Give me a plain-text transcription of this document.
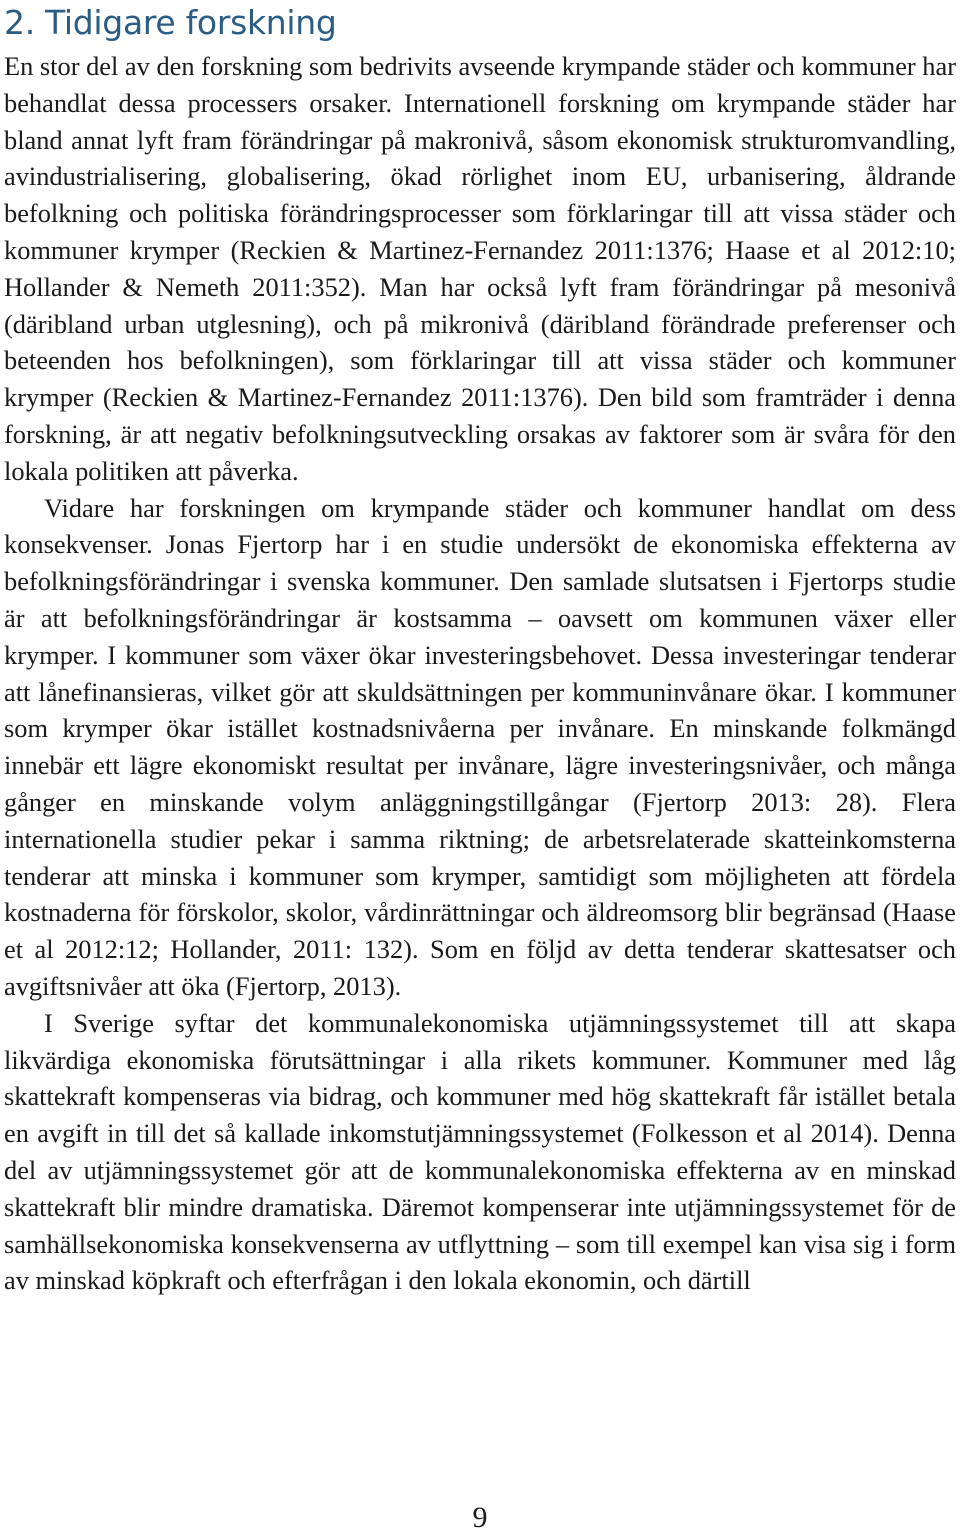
2. Tidigare forskning

En stor del av den forskning som bedrivits avseende krympande städer och kommuner har behandlat dessa processers orsaker. Internationell forskning om krympande städer har bland annat lyft fram förändringar på makronivå, såsom ekonomisk strukturomvandling, avindustrialisering, globalisering, ökad rörlighet inom EU, urbanisering, åldrande befolkning och politiska förändringsprocesser som förklaringar till att vissa städer och kommuner krymper (Reckien & Martinez-Fernandez 2011:1376; Haase et al 2012:10; Hollander & Nemeth 2011:352). Man har också lyft fram förändringar på mesonivå (däribland urban utglesning), och på mikronivå (däribland förändrade preferenser och beteenden hos befolkningen), som förklaringar till att vissa städer och kommuner krymper (Reckien & Martinez-Fernandez 2011:1376). Den bild som framträder i denna forskning, är att negativ befolkningsutveckling orsakas av faktorer som är svåra för den lokala politiken att påverka.

Vidare har forskningen om krympande städer och kommuner handlat om dess konsekvenser. Jonas Fjertorp har i en studie undersökt de ekonomiska effekterna av befolkningsförändringar i svenska kommuner. Den samlade slutsatsen i Fjertorps studie är att befolkningsförändringar är kostsamma – oavsett om kommunen växer eller krymper. I kommuner som växer ökar investeringsbehovet. Dessa investeringar tenderar att lånefinansieras, vilket gör att skuldsättningen per kommuninvånare ökar. I kommuner som krymper ökar istället kostnadsnivåerna per invånare. En minskande folkmängd innebär ett lägre ekonomiskt resultat per invånare, lägre investeringsnivåer, och många gånger en minskande volym anläggningstillgångar (Fjertorp 2013: 28). Flera internationella studier pekar i samma riktning; de arbetsrelaterade skatteinkomsterna tenderar att minska i kommuner som krymper, samtidigt som möjligheten att fördela kostnaderna för förskolor, skolor, vårdinrättningar och äldreomsorg blir begränsad (Haase et al 2012:12; Hollander, 2011: 132). Som en följd av detta tenderar skattesatser och avgiftsnivåer att öka (Fjertorp, 2013).

I Sverige syftar det kommunalekonomiska utjämningssystemet till att skapa likvärdiga ekonomiska förutsättningar i alla rikets kommuner. Kommuner med låg skattekraft kompenseras via bidrag, och kommuner med hög skattekraft får istället betala en avgift in till det så kallade inkomstutjämningssystemet (Folkesson et al 2014). Denna del av utjämningssystemet gör att de kommunalekonomiska effekterna av en minskad skattekraft blir mindre dramatiska. Däremot kompenserar inte utjämningssystemet för de samhällsekonomiska konsekvenserna av utflyttning – som till exempel kan visa sig i form av minskad köpkraft och efterfrågan i den lokala ekonomin, och därtill

9
